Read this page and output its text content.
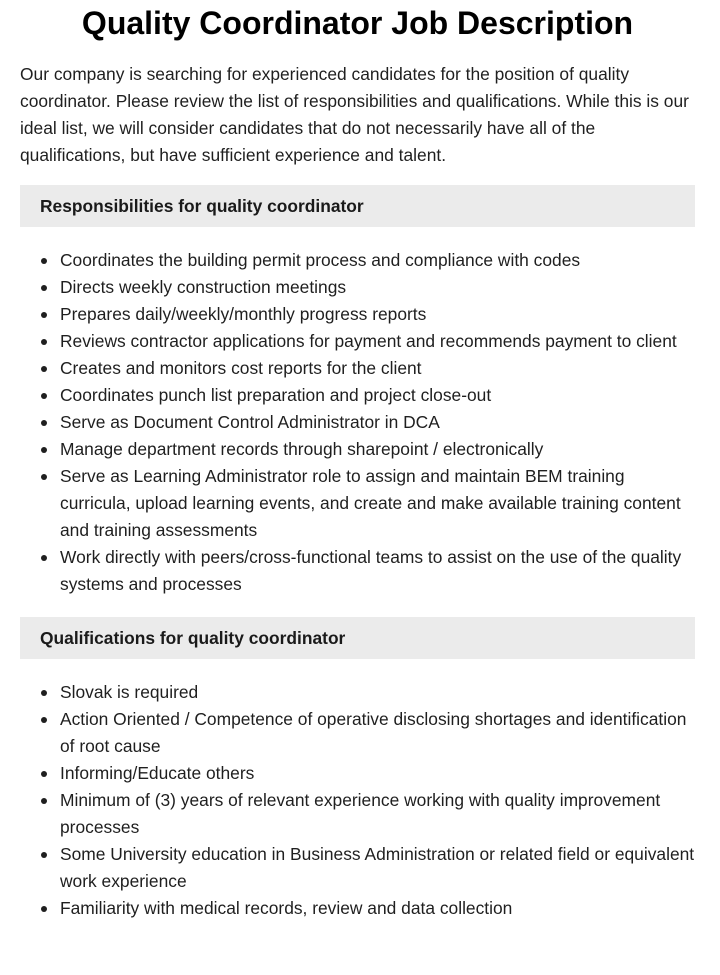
Quality Coordinator Job Description

Our company is searching for experienced candidates for the position of quality coordinator. Please review the list of responsibilities and qualifications. While this is our ideal list, we will consider candidates that do not necessarily have all of the qualifications, but have sufficient experience and talent.

Responsibilities for quality coordinator
Coordinates the building permit process and compliance with codes
Directs weekly construction meetings
Prepares daily/weekly/monthly progress reports
Reviews contractor applications for payment and recommends payment to client
Creates and monitors cost reports for the client
Coordinates punch list preparation and project close-out
Serve as Document Control Administrator in DCA
Manage department records through sharepoint / electronically
Serve as Learning Administrator role to assign and maintain BEM training curricula, upload learning events, and create and make available training content and training assessments
Work directly with peers/cross-functional teams to assist on the use of the quality systems and processes
Qualifications for quality coordinator
Slovak is required
Action Oriented / Competence of operative disclosing shortages and identification of root cause
Informing/Educate others
Minimum of (3) years of relevant experience working with quality improvement processes
Some University education in Business Administration or related field or equivalent work experience
Familiarity with medical records, review and data collection
